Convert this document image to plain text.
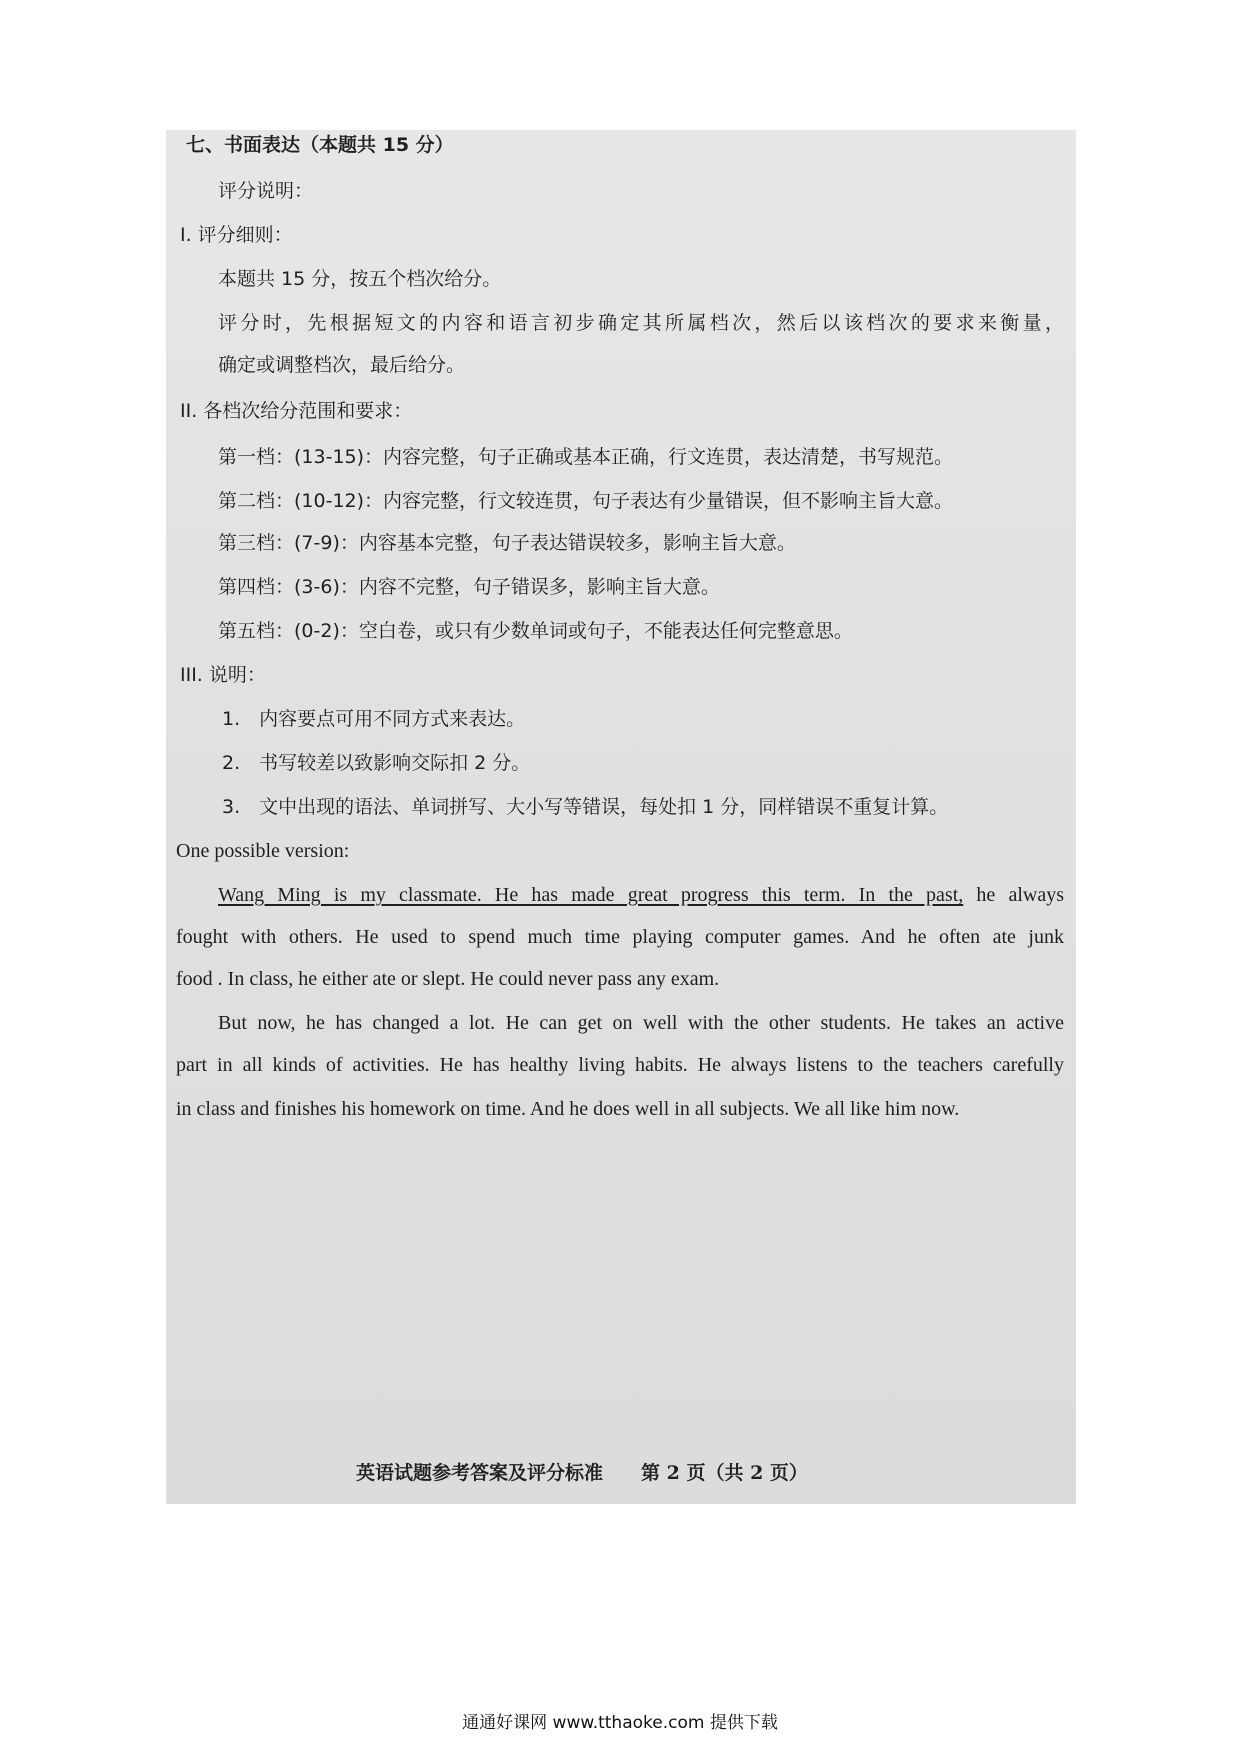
七、书面表达（本题共 15 分）
评分说明：
I. 评分细则：
本题共 15 分，按五个档次给分。
评分时，先根据短文的内容和语言初步确定其所属档次，然后以该档次的要求来衡量，
确定或调整档次，最后给分。
II. 各档次给分范围和要求：
第一档：(13-15)：内容完整，句子正确或基本正确，行文连贯，表达清楚，书写规范。
第二档：(10-12)：内容完整，行文较连贯，句子表达有少量错误，但不影响主旨大意。
第三档：(7-9)：内容基本完整，句子表达错误较多，影响主旨大意。
第四档：(3-6)：内容不完整，句子错误多，影响主旨大意。
第五档：(0-2)：空白卷，或只有少数单词或句子，不能表达任何完整意思。
III. 说明：
1.　内容要点可用不同方式来表达。
2.　书写较差以致影响交际扣 2 分。
3.　文中出现的语法、单词拼写、大小写等错误，每处扣 1 分，同样错误不重复计算。
One possible version:
Wang Ming is my classmate. He has made great progress this term. In the past, he always
fought with others. He used to spend much time playing computer games. And he often ate junk
food . In class, he either ate or slept. He could never pass any exam.
But now, he has changed a lot. He can get on well with the other students. He takes an active
part in all kinds of activities. He has healthy living habits. He always listens to the teachers carefully
in class and finishes his homework on time. And he does well in all subjects. We all like him now.
英语试题参考答案及评分标准　　第 2 页（共 2 页）
通通好课网 www.tthaoke.com 提供下载
